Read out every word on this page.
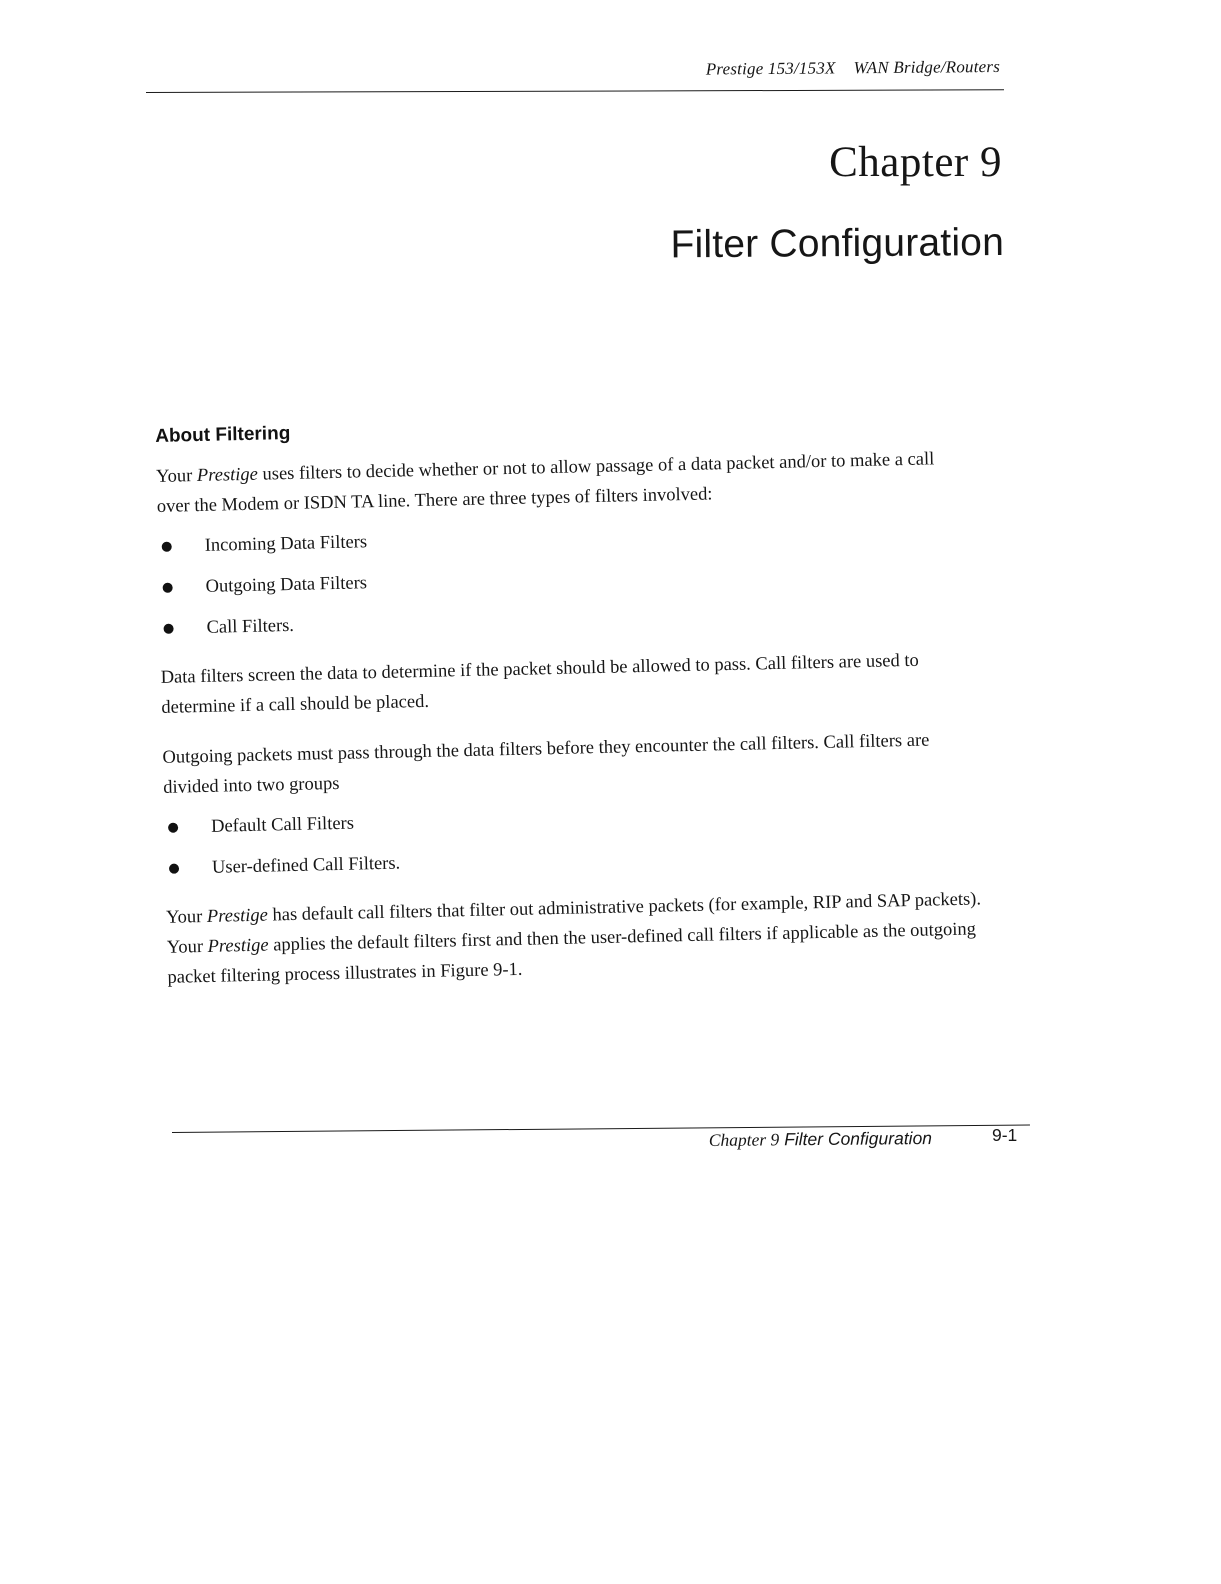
Prestige 153/153X WAN Bridge/Routers
Chapter 9
Filter Configuration
About Filtering

Your Prestige uses filters to decide whether or not to allow passage of a data packet and/or to make a call over the Modem or ISDN TA line. There are three types of filters involved:

Incoming Data Filters
Outgoing Data Filters
Call Filters.

Data filters screen the data to determine if the packet should be allowed to pass. Call filters are used to determine if a call should be placed.

Outgoing packets must pass through the data filters before they encounter the call filters. Call filters are divided into two groups

Default Call Filters
User-defined Call Filters.

Your Prestige has default call filters that filter out administrative packets (for example, RIP and SAP packets). Your Prestige applies the default filters first and then the user-defined call filters if applicable as the outgoing packet filtering process illustrates in Figure 9-1.

Chapter 9 Filter Configuration	9-1
